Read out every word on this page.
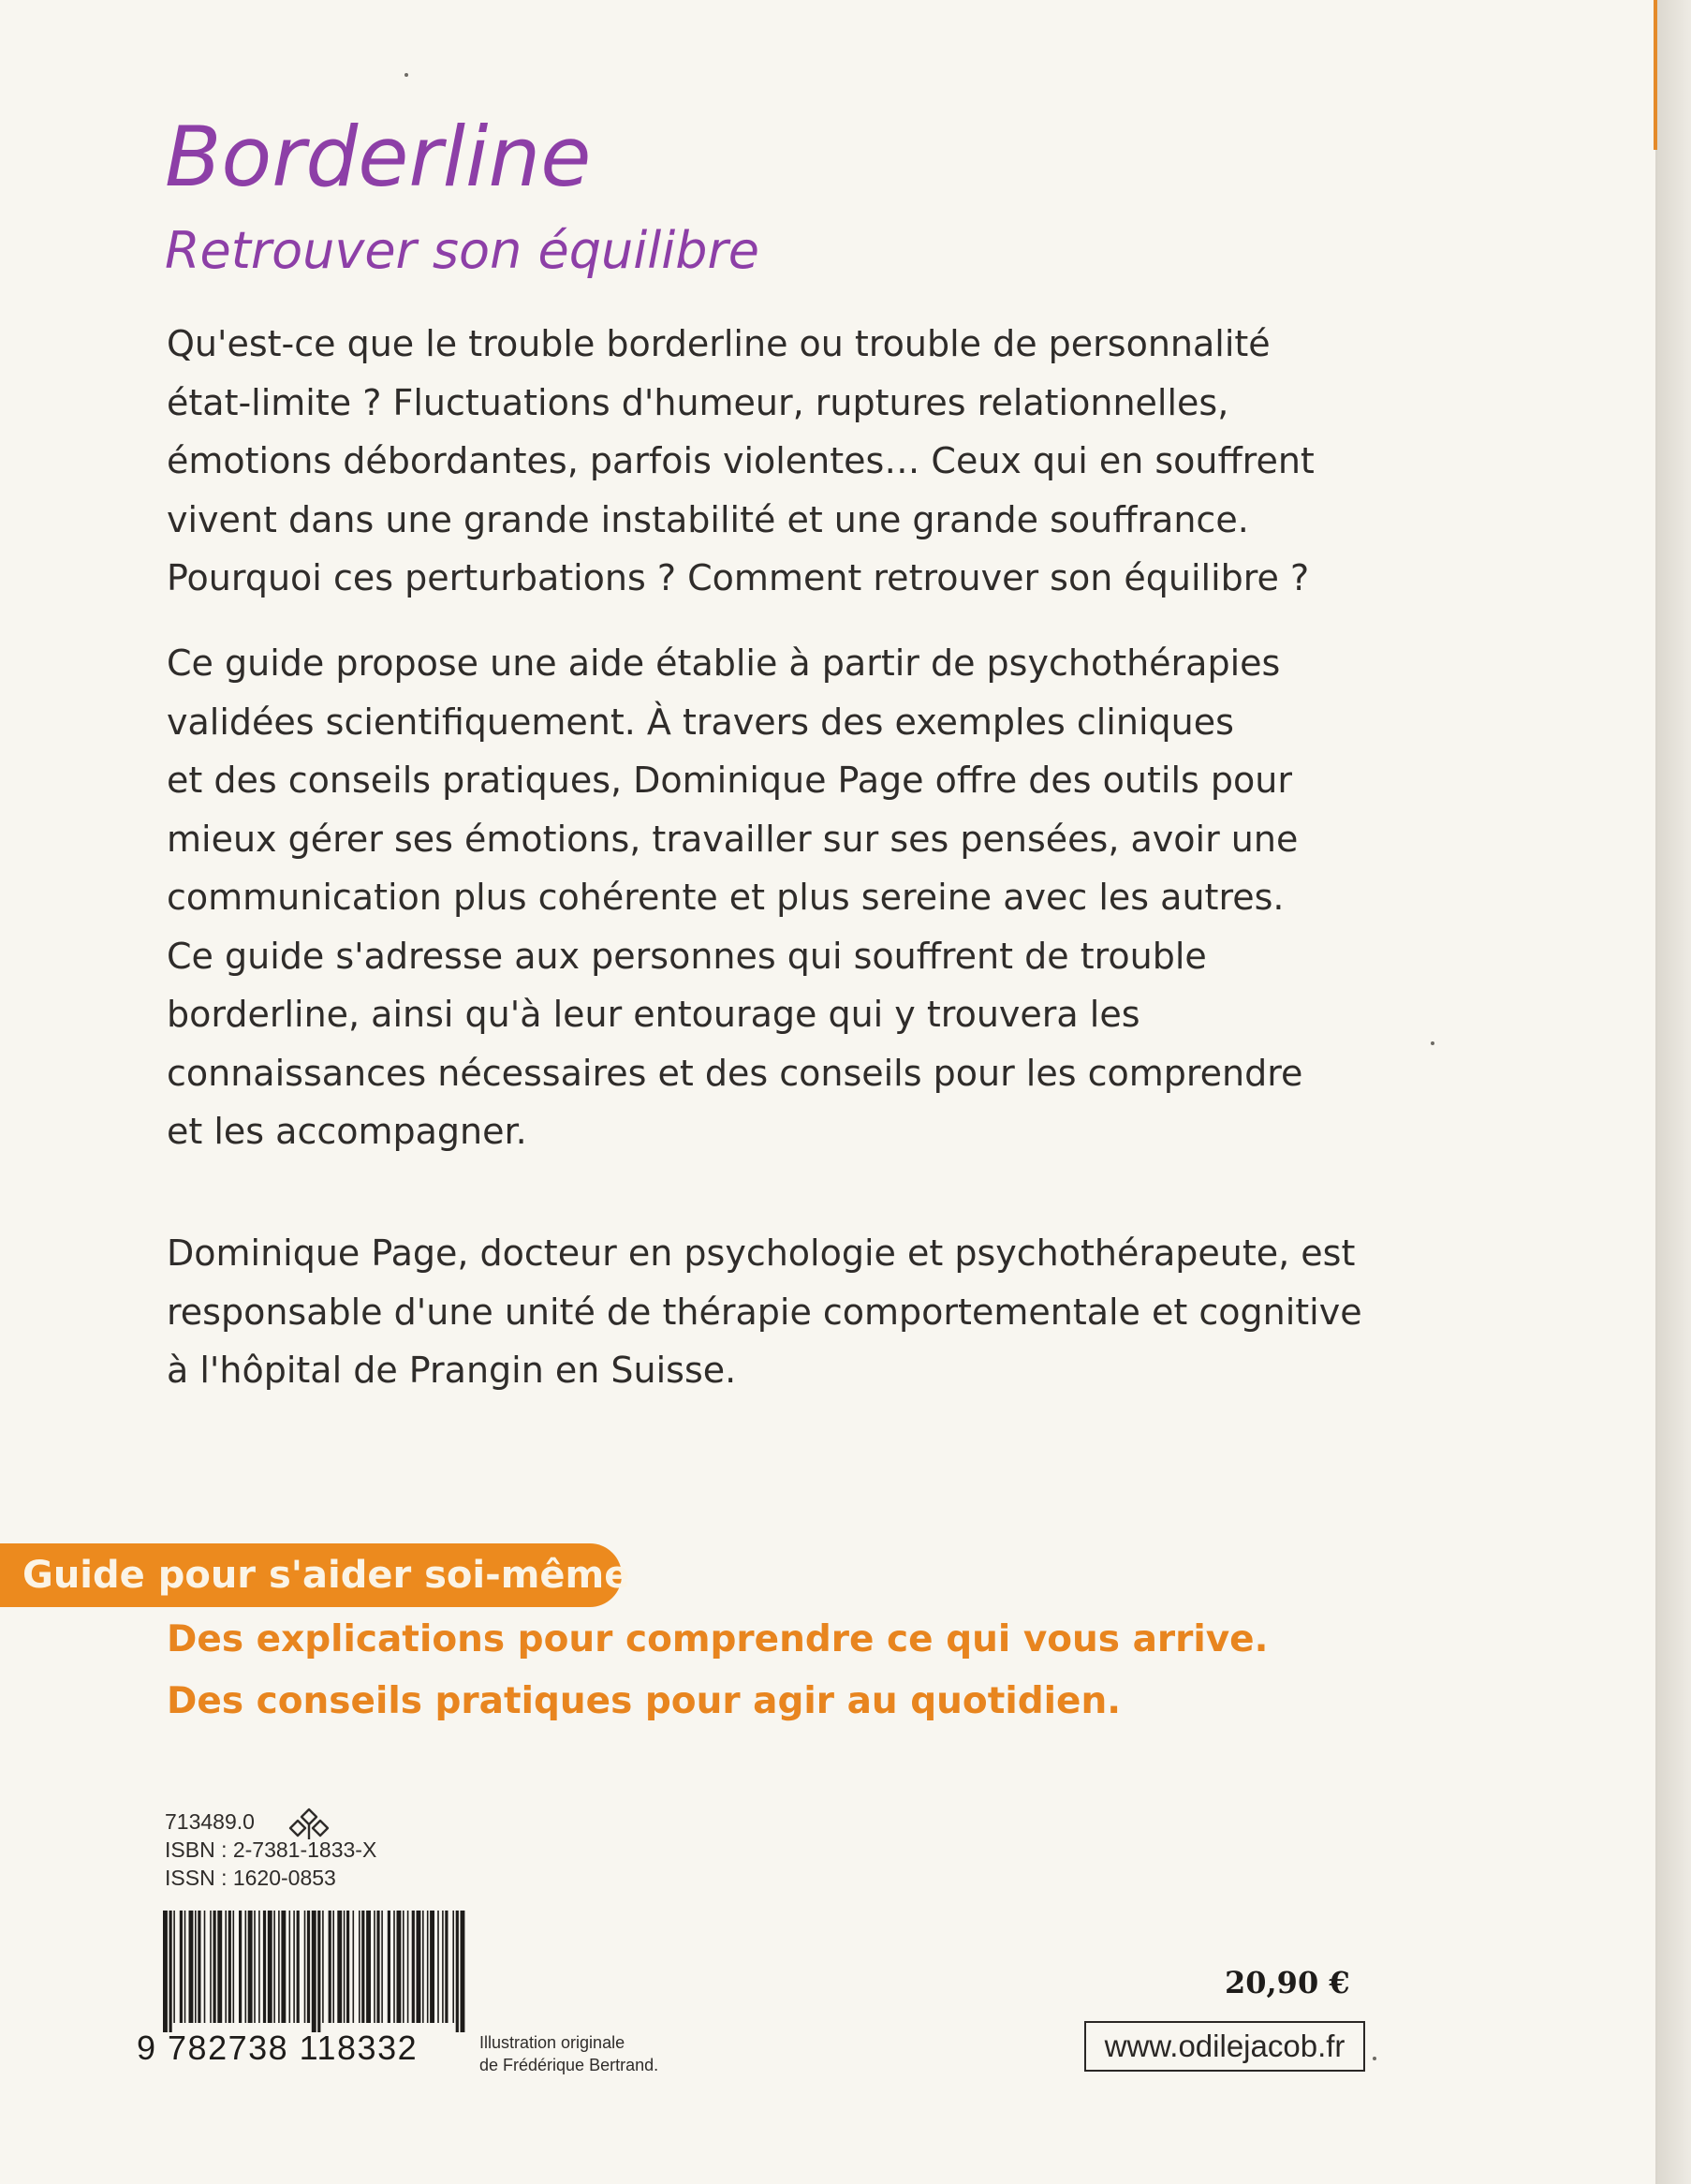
Borderline
Retrouver son équilibre
Qu'est-ce que le trouble borderline ou trouble de personnalité
état-limite ? Fluctuations d'humeur, ruptures relationnelles,
émotions débordantes, parfois violentes… Ceux qui en souffrent
vivent dans une grande instabilité et une grande souffrance.
Pourquoi ces perturbations ? Comment retrouver son équilibre ?
Ce guide propose une aide établie à partir de psychothérapies
validées scientifiquement. À travers des exemples cliniques
et des conseils pratiques, Dominique Page offre des outils pour
mieux gérer ses émotions, travailler sur ses pensées, avoir une
communication plus cohérente et plus sereine avec les autres.
Ce guide s'adresse aux personnes qui souffrent de trouble
borderline, ainsi qu'à leur entourage qui y trouvera les
connaissances nécessaires et des conseils pour les comprendre
et les accompagner.
Dominique Page, docteur en psychologie et psychothérapeute, est
responsable d'une unité de thérapie comportementale et cognitive
à l'hôpital de Prangin en Suisse.
Guide pour s'aider soi-même
Des explications pour comprendre ce qui vous arrive.
Des conseils pratiques pour agir au quotidien.
713489.0
ISBN : 2-7381-1833-X
ISSN : 1620-0853
9 782738 118332	Illustration originale
de Frédérique Bertrand.
20,90 €
www.odilejacob.fr
